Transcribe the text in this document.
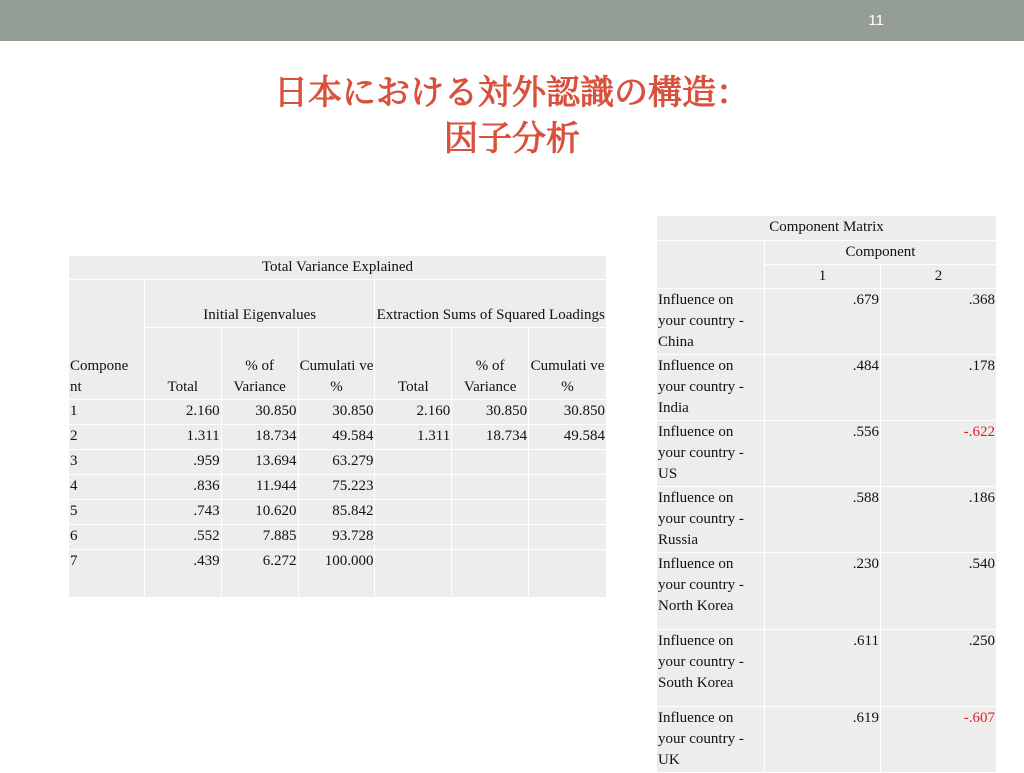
11
日本における対外認識の構造：
因子分析
Total Variance Explained						
Compone nt	Initial Eigenvalues			Extraction Sums of Squared Loadings		
	Total	% of Variance	Cumulati ve %	Total	% of Variance	Cumulati ve %
1	2.160	30.850	30.850	2.160	30.850	30.850
2	1.311	18.734	49.584	1.311	18.734	49.584
3	.959	13.694	63.279			
4	.836	11.944	75.223			
5	.743	10.620	85.842			
6	.552	7.885	93.728			
7	.439	6.272	100.000			
Component Matrix		
	Component	
	1	2
Influence on your country - China	.679	.368
Influence on your country - India	.484	.178
Influence on your country - US	.556	-.622
Influence on your country - Russia	.588	.186
Influence on your country - North Korea	.230	.540
Influence on your country - South Korea	.611	.250
Influence on your country - UK	.619	-.607
